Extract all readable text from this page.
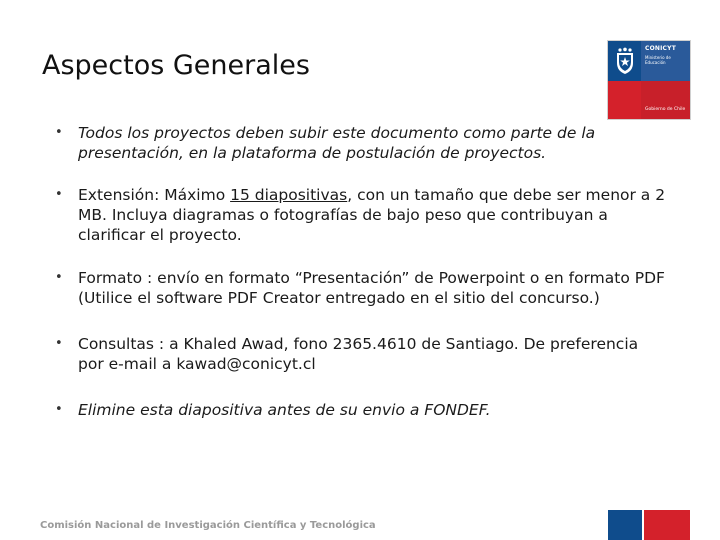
Aspectos Generales
CONICYT
Ministerio de Educación
Gobierno de Chile
• Todos los proyectos deben subir este documento como parte de la presentación, en la plataforma de postulación de proyectos.
• Extensión: Máximo 15 diapositivas, con un tamaño que debe ser menor a 2 MB. Incluya diagramas o fotografías de bajo peso que contribuyan a clarificar el proyecto.
• Formato : envío en formato “Presentación” de Powerpoint o en formato PDF (Utilice el software PDF Creator entregado en el sitio del concurso.)
• Consultas : a Khaled Awad, fono 2365.4610 de Santiago. De preferencia por e-mail a kawad@conicyt.cl
• Elimine esta diapositiva antes de su envio a FONDEF.
Comisión Nacional de Investigación Científica y Tecnológica
